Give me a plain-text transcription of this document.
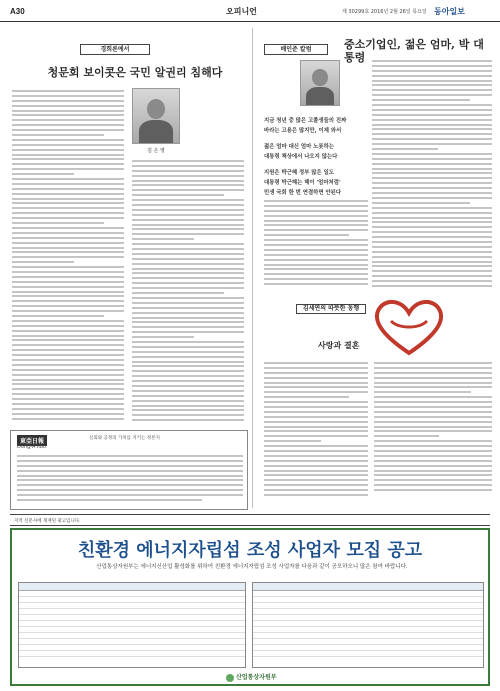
A30	오피니언	제 30299호 2016년 2월 26일 목요일 동아일보
경희론에서
청문회 보이콧은 국민 알권리 침해다
김 은 영
東亞日報
Dong-A Ilbo
신뢰와 공정의 가치를 지키는 정론지
배인준 칼럼	중소기업인, 젊은 엄마, 박 대통령
지금 청년 중 많은 고졸생들의 진짜
바라는 고용은 많지만, 이제 와서
젊은 엄마 대신 엄마 노릇하는
대통령 책상에서 나오지 않는다
지원은 박근혜 정부 많은 일도
대통령 박근혜는 헤이 '엄마처럼'
민생 국회 한 번 연결하면 안된다
김세연의 따뜻한 동행
사랑과 결혼
지역 신문사에 게재된 광고입니다.
친환경 에너지자립섬 조성 사업자 모집 공고
산업통상자원부는 에너지신산업 활성화를 위하여 친환경 에너지자립섬 조성 사업자를 다음과 같이 공모하오니 많은 참여 바랍니다.
산업통상자원부
